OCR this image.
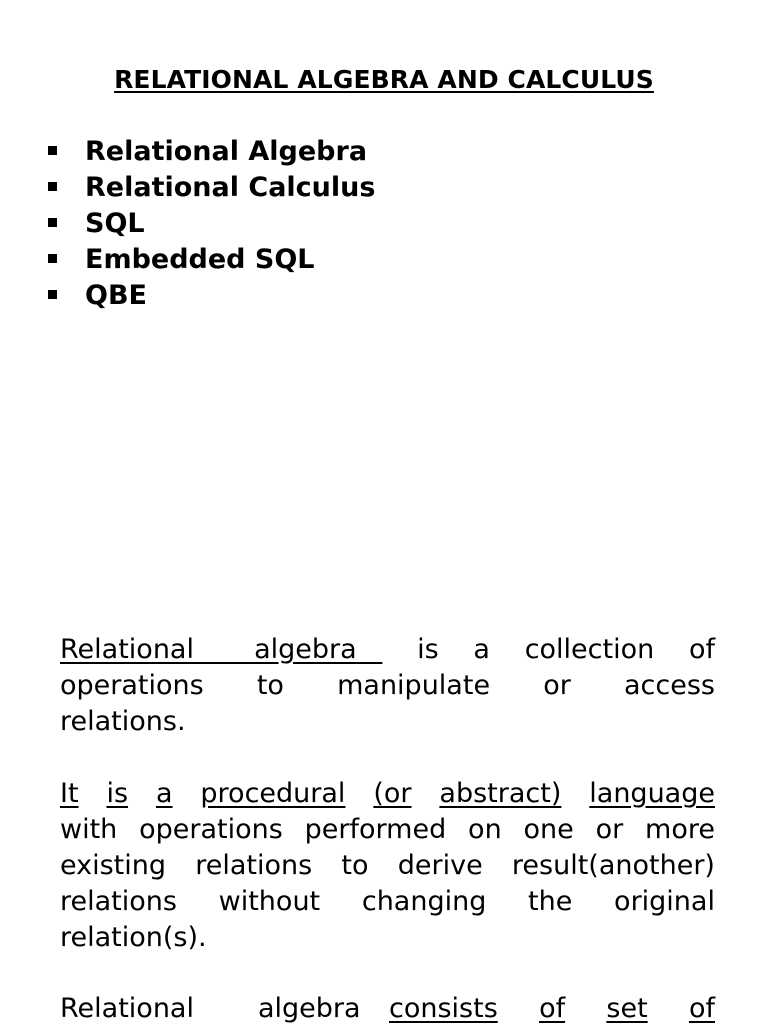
RELATIONAL ALGEBRA AND CALCULUS
Relational Algebra
Relational Calculus
SQL
Embedded SQL
QBE
Relational algebra	is a collection of
operations to manipulate or access
relations.
It is a procedural (or abstract) language
with operations performed on one or more
existing relations to derive result(another)
relations without changing the original
relation(s).
Relational algebra consists of set of
